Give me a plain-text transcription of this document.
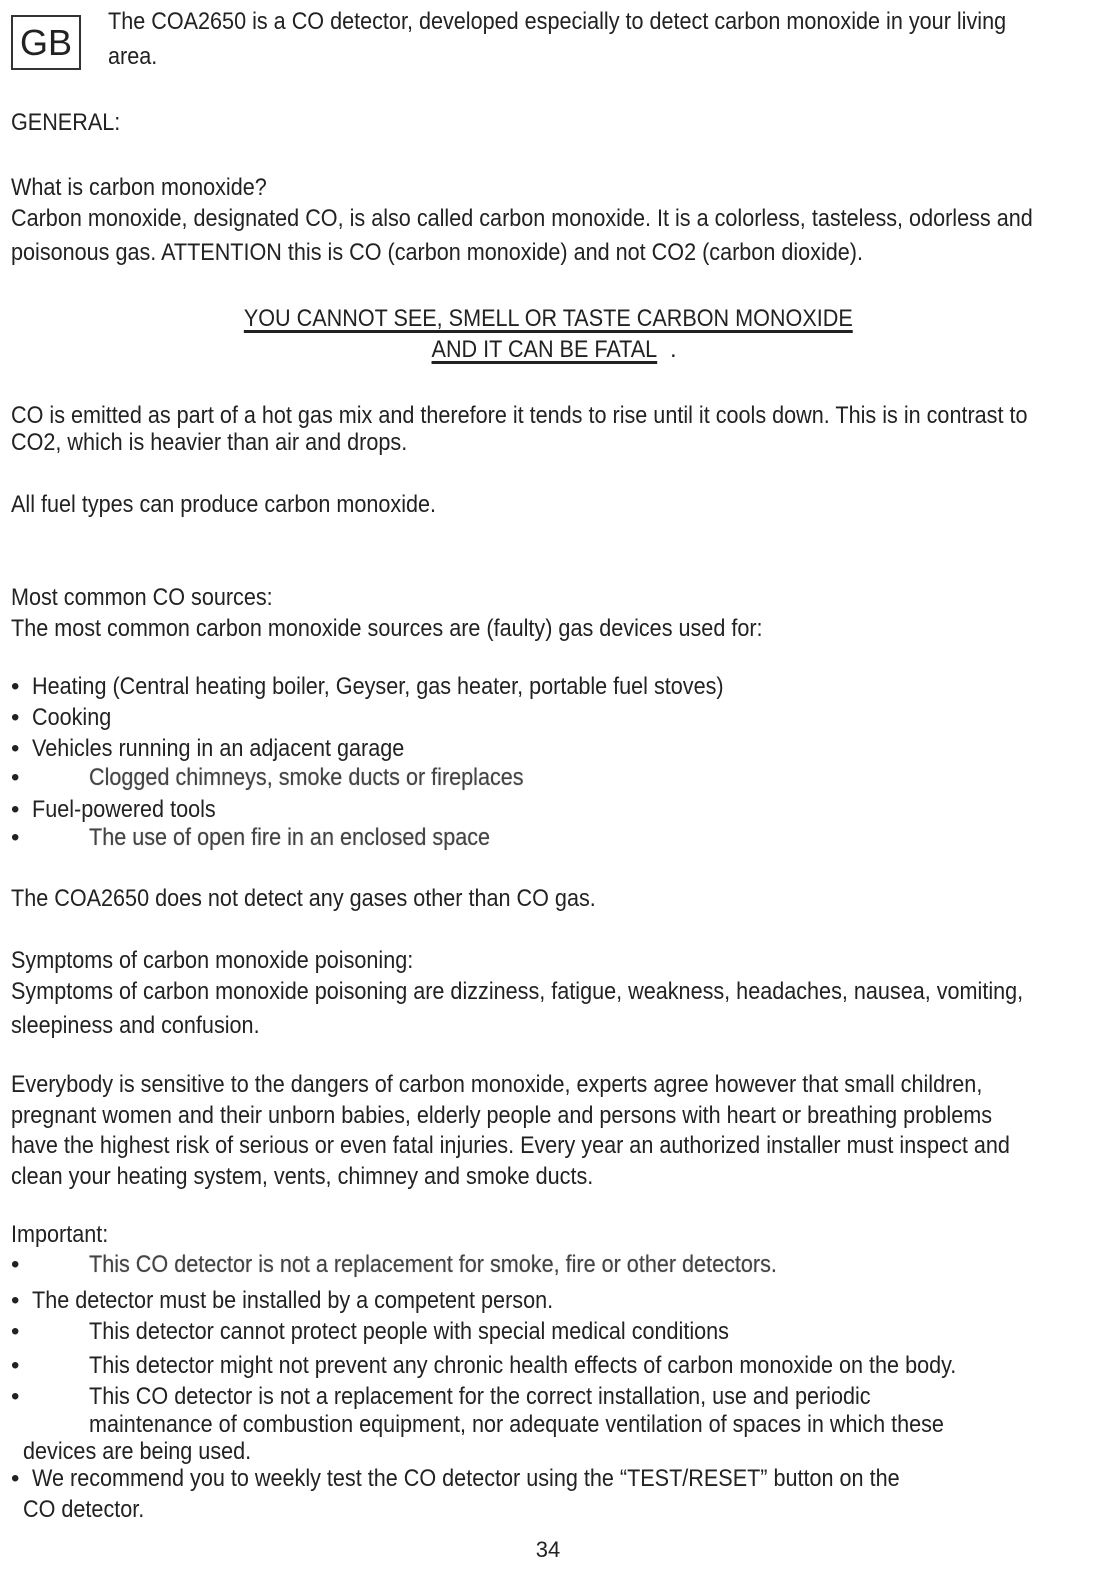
GB
The COA2650 is a CO detector, developed especially to detect carbon monoxide in your living
area.
GENERAL:
What is carbon monoxide?
Carbon monoxide, designated CO, is also called carbon monoxide. It is a colorless, tasteless, odorless and
poisonous gas. ATTENTION this is CO (carbon monoxide) and not CO2 (carbon dioxide).
YOU CANNOT SEE, SMELL OR TASTE CARBON MONOXIDE
AND IT CAN BE FATAL .
CO is emitted as part of a hot gas mix and therefore it tends to rise until it cools down. This is in contrast to
CO2, which is heavier than air and drops.
All fuel types can produce carbon monoxide.
Most common CO sources:
The most common carbon monoxide sources are (faulty) gas devices used for:
• Heating (Central heating boiler, Geyser, gas heater, portable fuel stoves)
• Cooking
• Vehicles running in an adjacent garage
•	Clogged chimneys, smoke ducts or fireplaces
• Fuel-powered tools
•	The use of open fire in an enclosed space
The COA2650 does not detect any gases other than CO gas.
Symptoms of carbon monoxide poisoning:
Symptoms of carbon monoxide poisoning are dizziness, fatigue, weakness, headaches, nausea, vomiting,
sleepiness and confusion.
Everybody is sensitive to the dangers of carbon monoxide, experts agree however that small children,
pregnant women and their unborn babies, elderly people and persons with heart or breathing problems
have the highest risk of serious or even fatal injuries. Every year an authorized installer must inspect and
clean your heating system, vents, chimney and smoke ducts.
Important:
•	This CO detector is not a replacement for smoke, fire or other detectors.
• The detector must be installed by a competent person.
•	This detector cannot protect people with special medical conditions
•	This detector might not prevent any chronic health effects of carbon monoxide on the body.
•	This CO detector is not a replacement for the correct installation, use and periodic
maintenance of combustion equipment, nor adequate ventilation of spaces in which these
devices are being used.
• We recommend you to weekly test the CO detector using the “TEST/RESET” button on the
CO detector.
34
